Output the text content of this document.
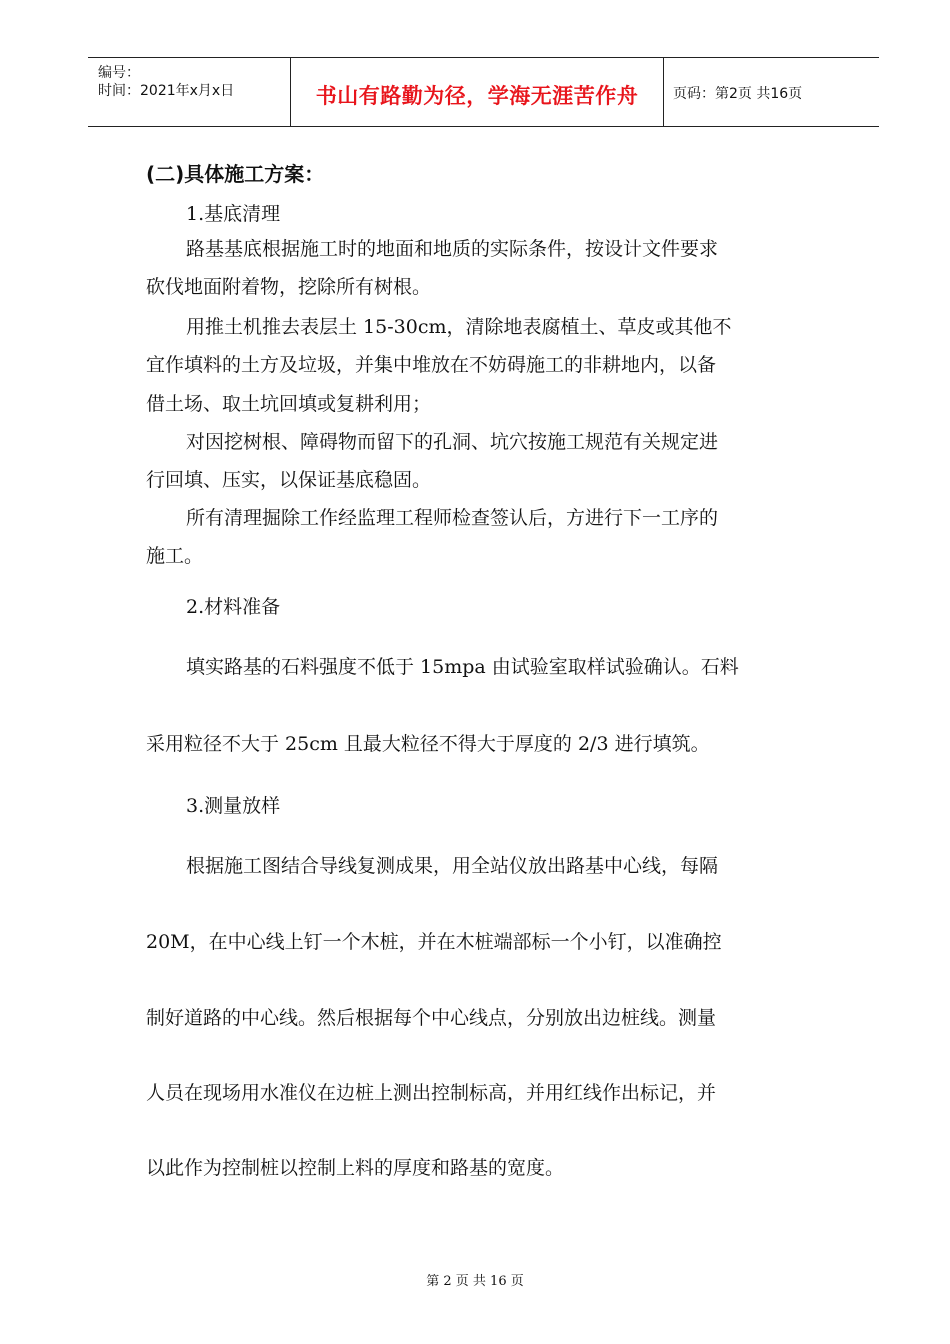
编号：
时间：2021年x月x日	书山有路勤为径，学海无涯苦作舟	页码：第2页 共16页
(二)具体施工方案：
1.基底清理
路基基底根据施工时的地面和地质的实际条件，按设计文件要求
砍伐地面附着物，挖除所有树根。
用推土机推去表层土 15-30cm，清除地表腐植土、草皮或其他不
宜作填料的土方及垃圾，并集中堆放在不妨碍施工的非耕地内，以备
借土场、取土坑回填或复耕利用；
对因挖树根、障碍物而留下的孔洞、坑穴按施工规范有关规定进
行回填、压实，以保证基底稳固。
所有清理掘除工作经监理工程师检查签认后，方进行下一工序的
施工。
2.材料准备
填实路基的石料强度不低于 15mpa 由试验室取样试验确认。石料
采用粒径不大于 25cm 且最大粒径不得大于厚度的 2/3 进行填筑。
3.测量放样
根据施工图结合导线复测成果，用全站仪放出路基中心线，每隔
20M，在中心线上钉一个木桩，并在木桩端部标一个小钉，以准确控
制好道路的中心线。然后根据每个中心线点，分别放出边桩线。测量
人员在现场用水准仪在边桩上测出控制标高，并用红线作出标记，并
以此作为控制桩以控制上料的厚度和路基的宽度。
第 2 页 共 16 页
